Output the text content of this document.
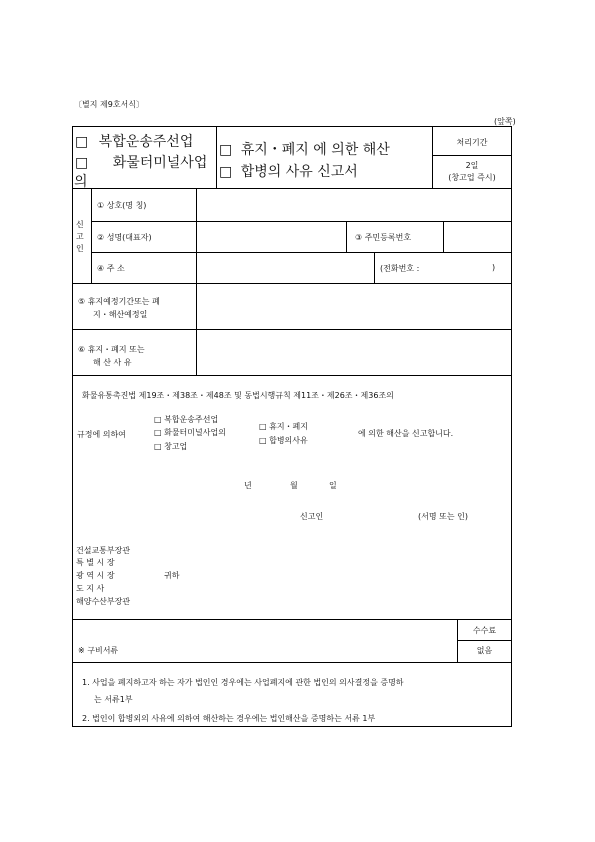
〔별지 제9호서식〕
(앞쪽)
□ 복합운송주선업
□ 화물터미널사업
의
□ 휴지・폐지 에 의한 해산
□ 합병의 사유 신고서
처리기간
2일
(창고업 즉시)
신
고
인
① 상호(명 칭)
② 성명(대표자)	③ 주민등록번호
④ 주 소	(전화번호 :	)
⑤ 휴지예정기간또는 폐
지・해산예정일
⑥ 휴지・폐지 또는
해 산 사 유
화물유통촉진법 제19조・제38조・제48조 및 동법시행규칙 제11조・제26조・제36조의
규정에 의하여
□ 복합운송주선업
□ 화물터미널사업의
□ 창고업
□ 휴지・폐지
□ 합병의사유
에 의한 해산을 신고합니다.
년	월	일
신고인	(서명 또는 인)
건설교통부장관
특 별 시 장
광 역 시 장
도 지 사
해양수산부장관
귀하
※ 구비서류
수수료
없음
1. 사업을 폐지하고자 하는 자가 법인인 경우에는 사업폐지에 관한 법인의 의사결정을 증명하
는 서류1부
2. 법인이 합병외의 사유에 의하여 해산하는 경우에는 법인해산을 증명하는 서류 1부
